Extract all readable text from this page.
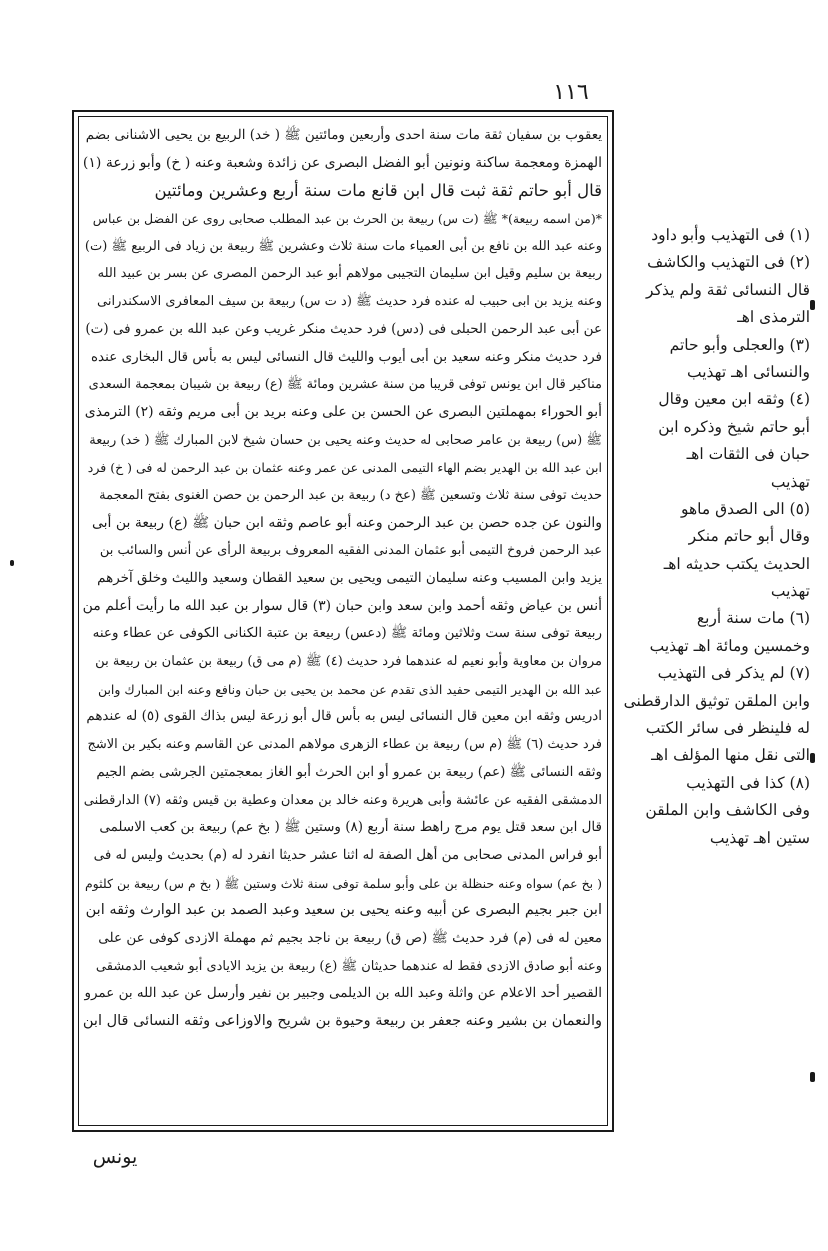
١١٦
يعقوب بن سفيان ثقة مات سنة احدى وأربعين ومائتين ﷺ ( خد) الربيع بن يحيى الاشنانى بضم
الهمزة ومعجمة ساكنة ونونين أبو الفضل البصرى عن زائدة وشعبة وعنه ( خ) وأبو زرعة (١)
قال أبو حاتم ثقة ثبت قال ابن قانع مات سنة أربع وعشرين ومائتين
*(من اسمه ربيعة)* ﷺ (ت س) ربيعة بن الحرث بن عبد المطلب صحابى روى عن الفضل بن عباس
وعنه عبد الله بن نافع بن أبى العمياء مات سنة ثلاث وعشرين ﷺ ربيعة بن زياد فى الربيع ﷺ (ت)
ربيعة بن سليم وقيل ابن سليمان التجيبى مولاهم أبو عبد الرحمن المصرى عن بسر بن عبيد الله
وعنه يزيد بن ابى حبيب له عنده فرد حديث ﷺ (د ت س) ربيعة بن سيف المعافرى الاسكندرانى
عن أبى عبد الرحمن الحبلى فى (دس) فرد حديث منكر غريب وعن عبد الله بن عمرو فى (ت)
فرد حديث منكر وعنه سعيد بن أبى أيوب والليث قال النسائى ليس به بأس قال البخارى عنده
مناكير قال ابن يونس توفى قريبا من سنة عشرين ومائة ﷺ (ع) ربيعة بن شيبان بمعجمة السعدى
أبو الحوراء بمهملتين البصرى عن الحسن بن على وعنه بريد بن أبى مريم وثقه (٢) الترمذى
ﷺ (س) ربيعة بن عامر صحابى له حديث وعنه يحيى بن حسان شيخ لابن المبارك ﷺ ( خد) ربيعة
ابن عبد الله بن الهدير بضم الهاء التيمى المدنى عن عمر وعنه عثمان بن عبد الرحمن له فى ( خ) فرد
حديث توفى سنة ثلاث وتسعين ﷺ (عخ د) ربيعة بن عبد الرحمن بن حصن الغنوى بفتح المعجمة
والنون عن جده حصن بن عبد الرحمن وعنه أبو عاصم وثقه ابن حبان ﷺ (ع) ربيعة بن أبى
عبد الرحمن فروخ التيمى أبو عثمان المدنى الفقيه المعروف بربيعة الرأى عن أنس والسائب بن
يزيد وابن المسيب وعنه سليمان التيمى ويحيى بن سعيد القطان وسعيد والليث وخلق آخرهم
أنس بن عياض وثقه أحمد وابن سعد وابن حبان (٣) قال سوار بن عبد الله ما رأيت أعلم من
ربيعة توفى سنة ست وثلاثين ومائة ﷺ (دعس) ربيعة بن عتبة الكنانى الكوفى عن عطاء وعنه
مروان بن معاوية وأبو نعيم له عندهما فرد حديث (٤) ﷺ (م مى ق) ربيعة بن عثمان بن ربيعة بن
عبد الله بن الهدير التيمى حفيد الذى تقدم عن محمد بن يحيى بن حبان ونافع وعنه ابن المبارك وابن
ادريس وثقه ابن معين قال النسائى ليس به بأس قال أبو زرعة ليس بذاك القوى (٥) له عندهم
فرد حديث (٦) ﷺ (م س) ربيعة بن عطاء الزهرى مولاهم المدنى عن القاسم وعنه بكير بن الاشج
وثقه النسائى ﷺ (عم) ربيعة بن عمرو أو ابن الحرث أبو الغاز بمعجمتين الجرشى بضم الجيم
الدمشقى الفقيه عن عائشة وأبى هريرة وعنه خالد بن معدان وعطية بن قيس وثقه (٧) الدارقطنى
قال ابن سعد قتل يوم مرج راهط سنة أربع (٨) وستين ﷺ ( بخ عم) ربيعة بن كعب الاسلمى
أبو فراس المدنى صحابى من أهل الصفة له اثنا عشر حديثا انفرد له (م) بحديث وليس له فى
( بخ عم) سواه وعنه حنظلة بن على وأبو سلمة توفى سنة ثلاث وستين ﷺ ( بخ م س) ربيعة بن كلثوم
ابن جبر بجيم البصرى عن أبيه وعنه يحيى بن سعيد وعبد الصمد بن عبد الوارث وثقه ابن
معين له فى (م) فرد حديث ﷺ (ص ق) ربيعة بن ناجد بجيم ثم مهملة الازدى كوفى عن على
وعنه أبو صادق الازدى فقط له عندهما حديثان ﷺ (ع) ربيعة بن يزيد الايادى أبو شعيب الدمشقى
القصير أحد الاعلام عن واثلة وعبد الله بن الديلمى وجبير بن نفير وأرسل عن عبد الله بن عمرو
والنعمان بن بشير وعنه جعفر بن ربيعة وحيوة بن شريح والاوزاعى وثقه النسائى قال ابن
(١) فى التهذيب وأبو داود
(٢) فى التهذيب والكاشف
قال النسائى ثقة ولم يذكر
الترمذى اهـ
(٣) والعجلى وأبو حاتم
والنسائى اهـ تهذيب
(٤) وثقه ابن معين وقال
أبو حاتم شيخ وذكره ابن
حبان فى الثقات اهـ
تهذيب
(٥) الى الصدق ماهو
وقال أبو حاتم منكر
الحديث يكتب حديثه اهـ
تهذيب
(٦) مات سنة أربع
وخمسين ومائة اهـ تهذيب
(٧) لم يذكر فى التهذيب
وابن الملقن توثيق الدارقطنى
له فلينظر فى سائر الكتب
التى نقل منها المؤلف اهـ
(٨) كذا فى التهذيب
وفى الكاشف وابن الملقن
ستين اهـ تهذيب
يونس
